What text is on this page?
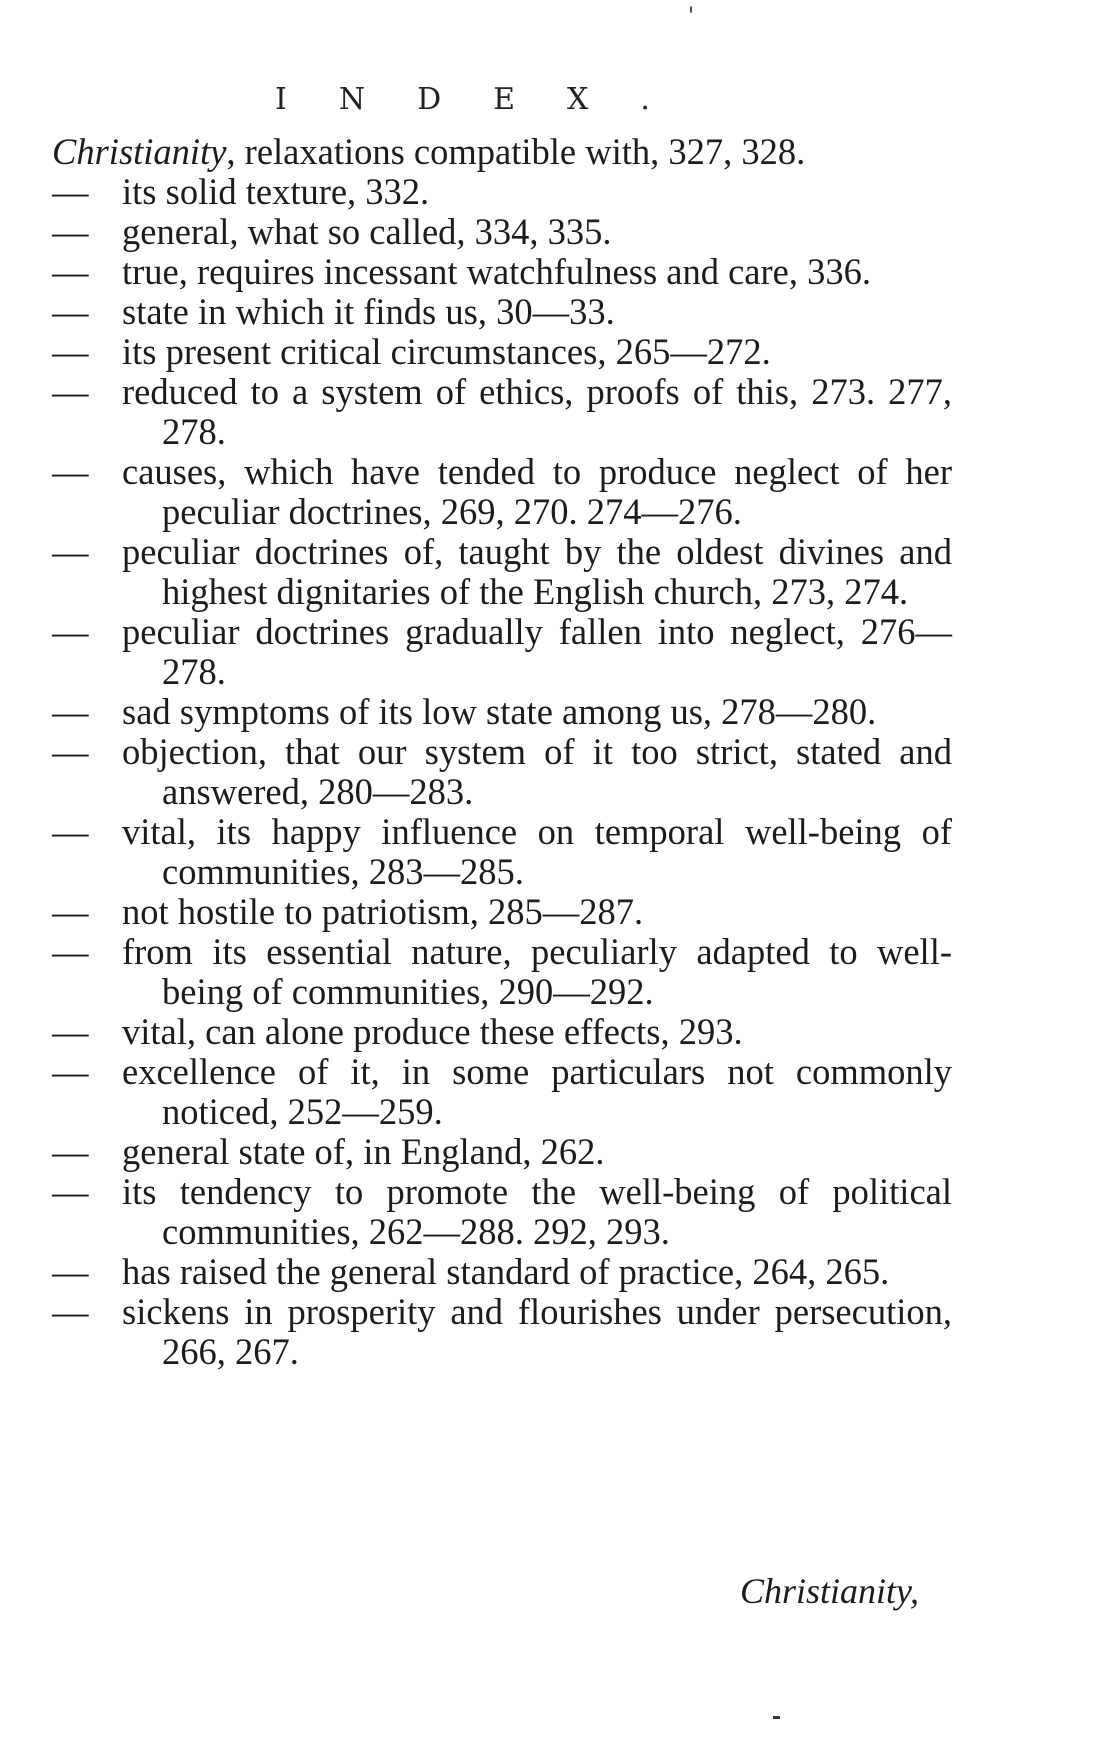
'
INDEX.

Christianity, relaxations compatible with, 327, 328.

— its solid texture, 332.

— general, what so called, 334, 335.

— true, requires incessant watchfulness and care, 336.

— state in which it finds us, 30—33.

— its present critical circumstances, 265—272.

— reduced to a system of ethics, proofs of this, 273. 277, 278.

— causes, which have tended to produce neglect of her peculiar doctrines, 269, 270. 274—276.

— peculiar doctrines of, taught by the oldest divines and highest dignitaries of the English church, 273, 274.

— peculiar doctrines gradually fallen into neglect, 276—278.

— sad symptoms of its low state among us, 278—280.

— objection, that our system of it too strict, stated and answered, 280—283.

— vital, its happy influence on temporal well-being of communities, 283—285.

— not hostile to patriotism, 285—287.

— from its essential nature, peculiarly adapted to well-being of communities, 290—292.

— vital, can alone produce these effects, 293.

— excellence of it, in some particulars not commonly noticed, 252—259.

— general state of, in England, 262.

— its tendency to promote the well-being of political communities, 262—288. 292, 293.

— has raised the general standard of practice, 264, 265.

— sickens in prosperity and flourishes under persecution, 266, 267.

Christianity,
